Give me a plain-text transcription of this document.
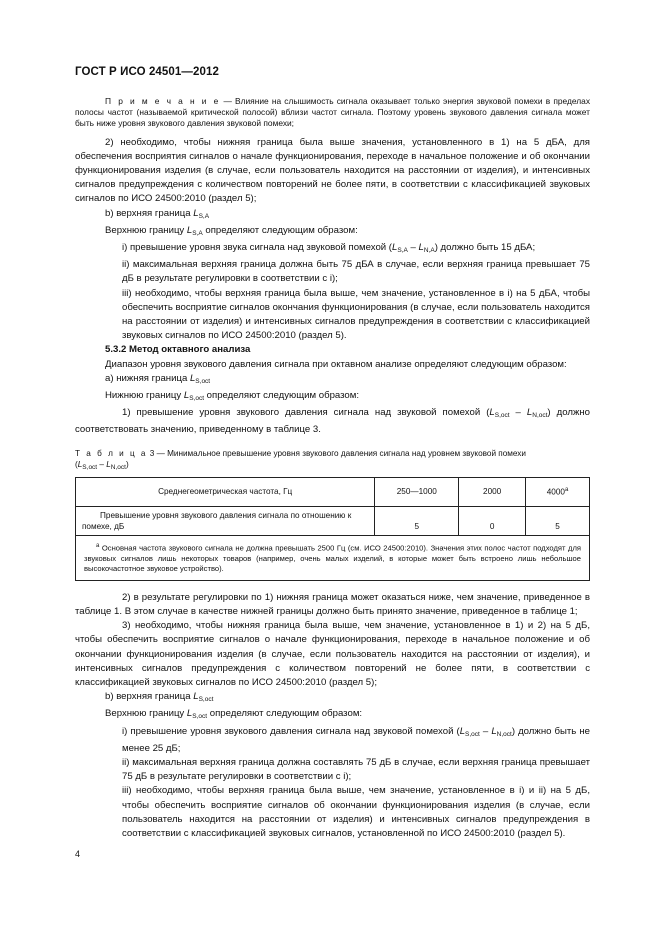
ГОСТ Р ИСО 24501—2012

П р и м е ч а н и е — Влияние на слышимость сигнала оказывает только энергия звуковой помехи в пределах полосы частот (называемой критической полосой) вблизи частот сигнала. Поэтому уровень звукового давления сигнала может быть ниже уровня звукового давления звуковой помехи;

2) необходимо, чтобы нижняя граница была выше значения, установленного в 1) на 5 дБА, для обеспечения восприятия сигналов о начале функционирования, переходе в начальное положение и об окончании функционирования изделия (в случае, если пользователь находится на расстоянии от изделия), и интенсивных сигналов предупреждения с количеством повторений не более пяти, в соответствии с классификацией звуковых сигналов по ИСО 24500:2010 (раздел 5);

b) верхняя граница $L_{S,A}$

Верхнюю границу $L_{S,A}$ определяют следующим образом:

i) превышение уровня звука сигнала над звуковой помехой $(L_{S,A} - L_{N,A})$ должно быть 15 дБА;

ii) максимальная верхняя граница должна быть 75 дБА в случае, если верхняя граница превышает 75 дБ в результате регулировки в соответствии с i);

iii) необходимо, чтобы верхняя граница была выше, чем значение, установленное в i) на 5 дБА, чтобы обеспечить восприятие сигналов окончания функционирования (в случае, если пользователь находится на расстоянии от изделия) и интенсивных сигналов предупреждения в соответствии с классификацией звуковых сигналов по ИСО 24500:2010 (раздел 5).

5.3.2 Метод октавного анализа

Диапазон уровня звукового давления сигнала при октавном анализе определяют следующим образом:

a) нижняя граница $L_{S,oct}$

Нижнюю границу $L_{S,oct}$ определяют следующим образом:

1) превышение уровня звукового давления сигнала над звуковой помехой $(L_{S,oct} - L_{N,oct})$ должно соответствовать значению, приведенному в таблице 3.

Т а б л и ц а 3 — Минимальное превышение уровня звукового давления сигнала над уровнем звуковой помехи
$(L_{S,oct} - L_{N,oct})$

Среднегеометрическая частота, Гц	250—1000	2000	4000$^a$
Превышение уровня звукового давления сигнала по отношению к помехе, дБ	5	0	5
$^a$ Основная частота звукового сигнала не должна превышать 2500 Гц (см. ИСО 24500:2010). Значения этих полос частот подходят для звуковых сигналов лишь некоторых товаров (например, очень малых изделий, в которые может быть встроено лишь небольшое высокочастотное звуковое устройство).			

2) в результате регулировки по 1) нижняя граница может оказаться ниже, чем значение, приведенное в таблице 1. В этом случае в качестве нижней границы должно быть принято значение, приведенное в таблице 1;

3) необходимо, чтобы нижняя граница была выше, чем значение, установленное в 1) и 2) на 5 дБ, чтобы обеспечить восприятие сигналов о начале функционирования, переходе в начальное положение и об окончании функционирования изделия (в случае, если пользователь находится на расстоянии от изделия), и интенсивных сигналов предупреждения с количеством повторений не более пяти, в соответствии с классификацией звуковых сигналов по ИСО 24500:2010 (раздел 5);

b) верхняя граница $L_{S,oct}$

Верхнюю границу $L_{S,oct}$ определяют следующим образом:

i) превышение уровня звукового давления сигнала над звуковой помехой $(L_{S,oct} - L_{N,oct})$ должно быть не менее 25 дБ;

ii) максимальная верхняя граница должна составлять 75 дБ в случае, если верхняя граница превышает 75 дБ в результате регулировки в соответствии с i);

iii) необходимо, чтобы верхняя граница была выше, чем значение, установленное в i) и ii) на 5 дБ, чтобы обеспечить восприятие сигналов об окончании функционирования изделия (в случае, если пользователь находится на расстоянии от изделия) и интенсивных сигналов предупреждения в соответствии с классификацией звуковых сигналов, установленной по ИСО 24500:2010 (раздел 5).

4
